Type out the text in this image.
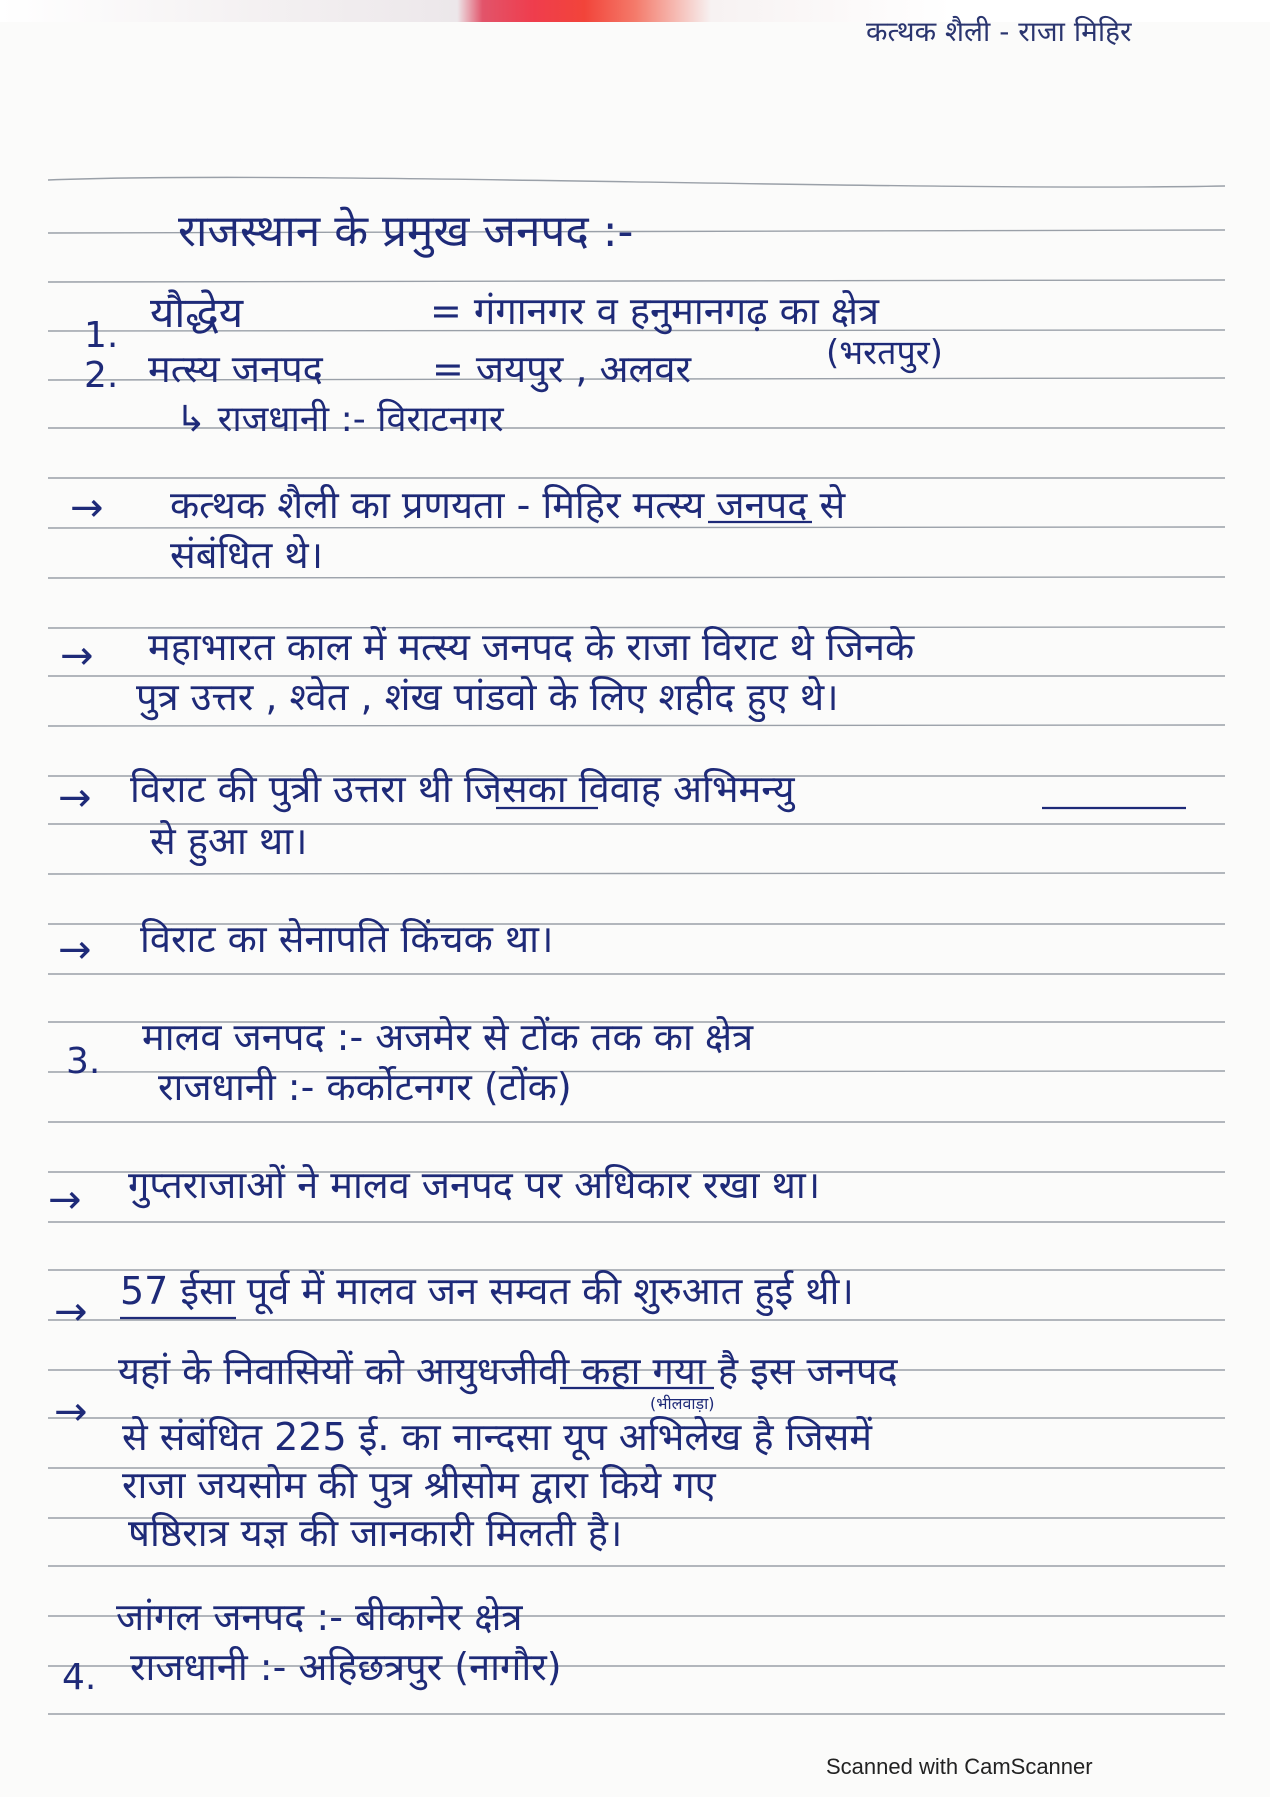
कत्थक शैली - राजा मिहिर
राजस्थान के प्रमुख जनपद :-
1. यौद्धेय	= गंगानगर व हनुमानगढ़ का क्षेत्र
2. मत्स्य जनपद	= जयपुर , अलवर	(भरतपुर)
↳ राजधानी :- विराटनगर
→ कत्थक शैली का प्रणयता - मिहिर मत्स्य जनपद से
संबंधित थे।
→ महाभारत काल में मत्स्य जनपद के राजा विराट थे जिनके
पुत्र उत्तर , श्वेत , शंख पांडवो के लिए शहीद हुए थे।
→ विराट की पुत्री उत्तरा थी जिसका विवाह अभिमन्यु
से हुआ था।
→ विराट का सेनापति किंचक था।
3.
मालव जनपद :- अजमेर से टोंक तक का क्षेत्र
राजधानी :- कर्कोटनगर (टोंक)
→ गुप्तराजाओं ने मालव जनपद पर अधिकार रखा था।
→ 57 ईसा पूर्व में मालव जन सम्वत की शुरुआत हुई थी।
→
यहां के निवासियों को आयुधजीवी कहा गया है इस जनपद
(भीलवाड़ा)
से संबंधित 225 ई. का नान्दसा यूप अभिलेख है जिसमें
राजा जयसोम की पुत्र श्रीसोम द्वारा किये गए
षष्ठिरात्र यज्ञ की जानकारी मिलती है।
जांगल जनपद :- बीकानेर क्षेत्र
4. राजधानी :- अहिछत्रपुर (नागौर)
Scanned with CamScanner
